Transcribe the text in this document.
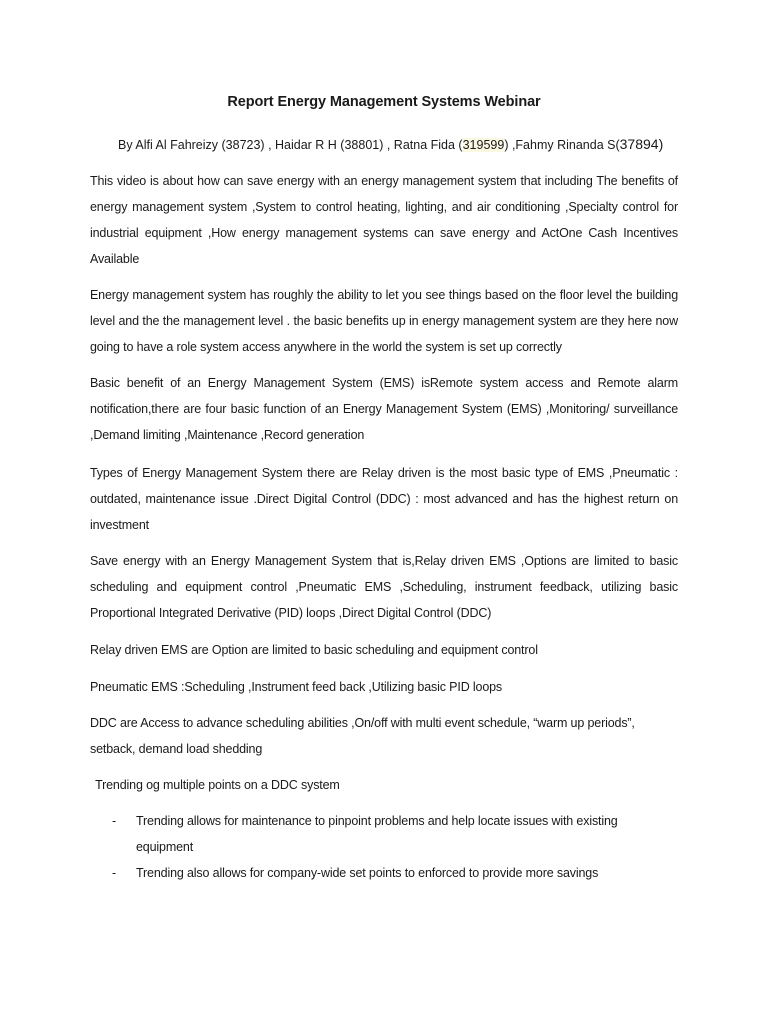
Report Energy Management Systems Webinar
By Alfi Al Fahreizy (38723) , Haidar R H (38801) , Ratna Fida (319599) ,Fahmy Rinanda S(37894)
This video is about how can save energy with an energy management system that including The benefits of energy management system ,System to control heating, lighting, and air conditioning ,Specialty control for industrial equipment ,How energy management systems can save energy and ActOne Cash Incentives Available
Energy management system has roughly the ability to let you see things based on the floor level the building level and the the management level . the basic benefits up in energy management system are they here now going to have a role system access anywhere in the world the system is set up correctly
Basic benefit of an Energy Management System (EMS) isRemote system access and Remote alarm notification,there are four basic function of an Energy Management System (EMS) ,Monitoring/ surveillance ,Demand limiting ,Maintenance ,Record generation
Types of Energy Management System there are Relay driven is the most basic type of EMS ,Pneumatic : outdated, maintenance issue .Direct Digital Control (DDC) : most advanced and has the highest return on investment
Save energy with an Energy Management System that is,Relay driven EMS ,Options are limited to basic scheduling and equipment control ,Pneumatic EMS ,Scheduling, instrument feedback, utilizing basic Proportional Integrated Derivative (PID) loops ,Direct Digital Control (DDC)
Relay driven EMS are Option are limited to basic scheduling and equipment control
Pneumatic EMS :Scheduling ,Instrument feed back ,Utilizing basic PID loops
DDC are Access to advance scheduling abilities ,On/off with multi event schedule, “warm up periods”, setback, demand load shedding
Trending og multiple points on a DDC system
- Trending allows for maintenance to pinpoint problems and help locate issues with existing equipment
- Trending also allows for company-wide set points to enforced to provide more savings
